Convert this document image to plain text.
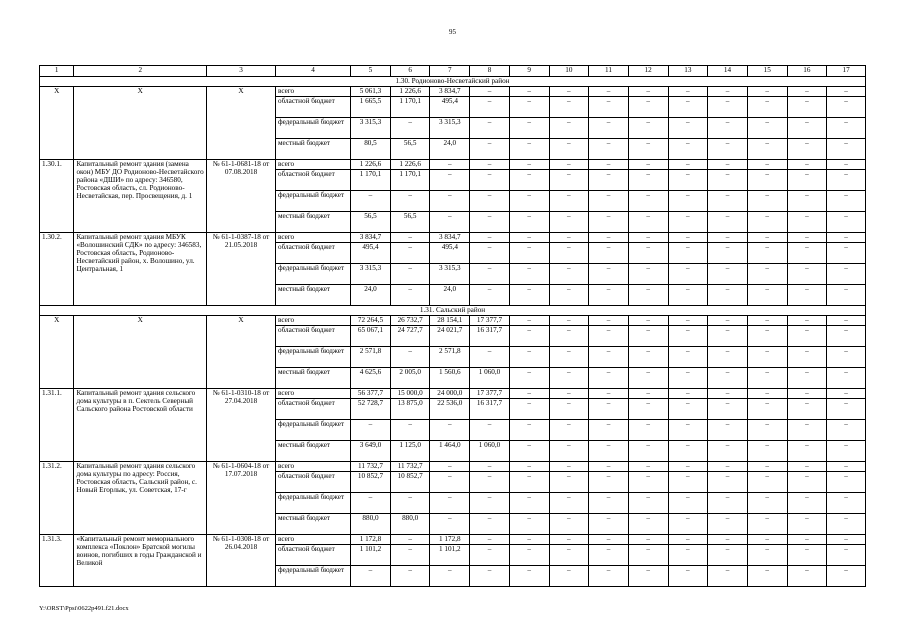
95
1	2	3	4	5	6	7	8	9	10	11	12	13	14	15	16	17
1.30. Родионово-Несветайский район																
X	X	X	всего	5 061,3	1 226,6	3 834,7	–	–	–	–	–	–	–	–	–	–
			областной бюджет	1 665,5	1 170,1	495,4	–	–	–	–	–	–	–	–	–	–
			федеральный бюджет	3 315,3	–	3 315,3	–	–	–	–	–	–	–	–	–	–
			местный бюджет	80,5	56,5	24,0	–	–	–	–	–	–	–	–	–	–
1.30.1.	Капитальный ремонт здания (замена окон) МБУ ДО Родионово-Несветайского района «ДШИ» по адресу: 346580, Ростовская область, сл. Родионово-Несветайская, пер. Просвещения, д. 1	№ 61-1-0681-18 от 07.08.2018	всего	1 226,6	1 226,6	–	–	–	–	–	–	–	–	–	–	–
			областной бюджет	1 170,1	1 170,1	–	–	–	–	–	–	–	–	–	–	–
			федеральный бюджет	–	–	–	–	–	–	–	–	–	–	–	–	–
			местный бюджет	56,5	56,5	–	–	–	–	–	–	–	–	–	–	–
1.30.2.	Капитальный ремонт здания МБУК «Волошинский СДК» по адресу: 346583, Ростовская область, Родионово-Несветайский район, х. Волошино, ул. Центральная, 1	№ 61-1-0387-18 от 21.05.2018	всего	3 834,7	–	3 834,7	–	–	–	–	–	–	–	–	–	–
			областной бюджет	495,4	–	495,4	–	–	–	–	–	–	–	–	–	–
			федеральный бюджет	3 315,3	–	3 315,3	–	–	–	–	–	–	–	–	–	–
			местный бюджет	24,0	–	24,0	–	–	–	–	–	–	–	–	–	–
1.31. Сальский район																
X	X	X	всего	72 264,5	26 732,7	28 154,1	17 377,7	–	–	–	–	–	–	–	–	–
			областной бюджет	65 067,1	24 727,7	24 021,7	16 317,7	–	–	–	–	–	–	–	–	–
			федеральный бюджет	2 571,8	–	2 571,8	–	–	–	–	–	–	–	–	–	–
			местный бюджет	4 625,6	2 005,0	1 560,6	1 060,0	–	–	–	–	–	–	–	–	–
1.31.1.	Капитальный ремонт здания сельского дома культуры в п. Сектель Северный Сальского района Ростовской области	№ 61-1-0310-18 от 27.04.2018	всего	56 377,7	15 000,0	24 000,0	17 377,7	–	–	–	–	–	–	–	–	–
			областной бюджет	52 728,7	13 875,0	22 536,0	16 317,7	–	–	–	–	–	–	–	–	–
			федеральный бюджет	–	–	–	–	–	–	–	–	–	–	–	–	–
			местный бюджет	3 649,0	1 125,0	1 464,0	1 060,0	–	–	–	–	–	–	–	–	–
1.31.2.	Капитальный ремонт здания сельского дома культуры по адресу: Россия, Ростовская область, Сальский район, с. Новый Егорлык, ул. Советская, 17-г	№ 61-1-0604-18 от 17.07.2018	всего	11 732,7	11 732,7	–	–	–	–	–	–	–	–	–	–	–
			областной бюджет	10 852,7	10 852,7	–	–	–	–	–	–	–	–	–	–	–
			федеральный бюджет	–	–	–	–	–	–	–	–	–	–	–	–	–
			местный бюджет	880,0	880,0	–	–	–	–	–	–	–	–	–	–	–
1.31.3.	«Капитальный ремонт мемориального комплекса «Поклон» Братской могилы воинов, погибших в годы Гражданской и Великой	№ 61-1-0308-18 от 26.04.2018	всего	1 172,8	–	1 172,8	–	–	–	–	–	–	–	–	–	–
			областной бюджет	1 101,2	–	1 101,2	–	–	–	–	–	–	–	–	–	–
			федеральный бюджет	–	–	–	–	–	–	–	–	–	–	–	–	–
Y:\ORST\Ppsi\0622p491.f21.docx
